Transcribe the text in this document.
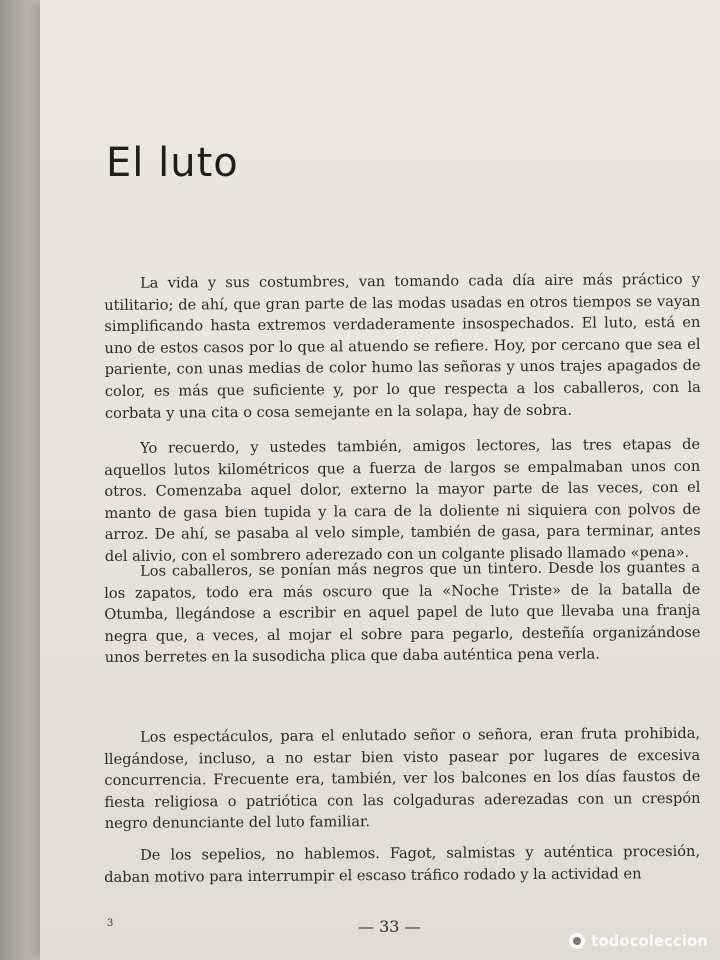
El luto

La vida y sus costumbres, van tomando cada día aire más práctico y utilitario; de ahí, que gran parte de las modas usadas en otros tiempos se vayan simplificando hasta extremos verdaderamente insospechados. El luto, está en uno de estos casos por lo que al atuendo se refiere. Hoy, por cercano que sea el pariente, con unas medias de color humo las señoras y unos trajes apagados de color, es más que suficiente y, por lo que respecta a los caballeros, con la corbata y una cita o cosa semejante en la solapa, hay de sobra.

Yo recuerdo, y ustedes también, amigos lectores, las tres etapas de aquellos lutos kilométricos que a fuerza de largos se empalmaban unos con otros. Comenzaba aquel dolor, externo la mayor parte de las veces, con el manto de gasa bien tupida y la cara de la doliente ni siquiera con polvos de arroz. De ahí, se pasaba al velo simple, también de gasa, para terminar, antes del alivio, con el sombrero aderezado con un colgante plisado llamado «pena».

Los caballeros, se ponían más negros que un tintero. Desde los guantes a los zapatos, todo era más oscuro que la «Noche Triste» de la batalla de Otumba, llegándose a escribir en aquel papel de luto que llevaba una franja negra que, a veces, al mojar el sobre para pegarlo, desteñía organizándose unos berretes en la susodicha plica que daba auténtica pena verla.

Los espectáculos, para el enlutado señor o señora, eran fruta prohibida, llegándose, incluso, a no estar bien visto pasear por lugares de excesiva concurrencia. Frecuente era, también, ver los balcones en los días faustos de fiesta religiosa o patriótica con las colgaduras aderezadas con un crespón negro denunciante del luto familiar.

De los sepelios, no hablemos. Fagot, salmistas y auténtica procesión, daban motivo para interrumpir el escaso tráfico rodado y la actividad en

3	— 33 —
todocoleccion
